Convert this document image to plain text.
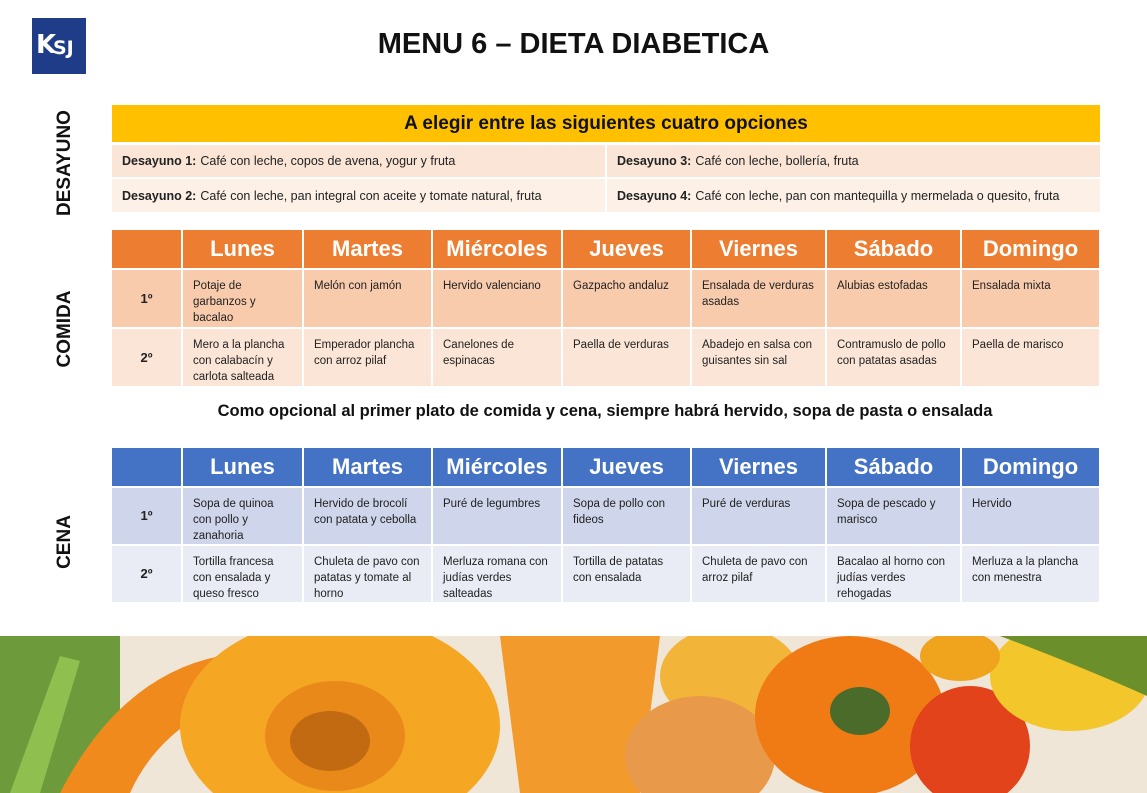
K
SJ	MENU 6 – DIETA DIABETICA
DESAYUNO
COMIDA
CENA
A elegir entre las siguientes cuatro opciones
Desayuno 1: Café con leche, copos de avena, yogur y fruta	Desayuno 3: Café con leche, bollería, fruta
Desayuno 2: Café con leche, pan integral con aceite y tomate natural, fruta	Desayuno 4: Café con leche, pan con mantequilla y mermelada o quesito, fruta
	Lunes	Martes	Miércoles	Jueves	Viernes	Sábado	Domingo
1º	Potaje de garbanzos y bacalao	Melón con jamón	Hervido valenciano	Gazpacho andaluz	Ensalada de verduras asadas	Alubias estofadas	Ensalada mixta
2º	Mero a la plancha con calabacín y carlota salteada	Emperador plancha con arroz pilaf	Canelones de espinacas	Paella de verduras	Abadejo en salsa con guisantes sin sal	Contramuslo de pollo con patatas asadas	Paella de marisco
Como opcional al primer plato de comida y cena, siempre habrá hervido, sopa de pasta o ensalada
	Lunes	Martes	Miércoles	Jueves	Viernes	Sábado	Domingo
1º	Sopa de quinoa con pollo y zanahoria	Hervido de brocolí con patata y cebolla	Puré de legumbres	Sopa de pollo con fideos	Puré de verduras	Sopa de pescado y marisco	Hervido
2º	Tortilla francesa con ensalada y queso fresco	Chuleta de pavo con patatas y tomate al horno	Merluza romana con judías verdes salteadas	Tortilla de patatas con ensalada	Chuleta de pavo con arroz pilaf	Bacalao al horno con judías verdes rehogadas	Merluza a la plancha con menestra
